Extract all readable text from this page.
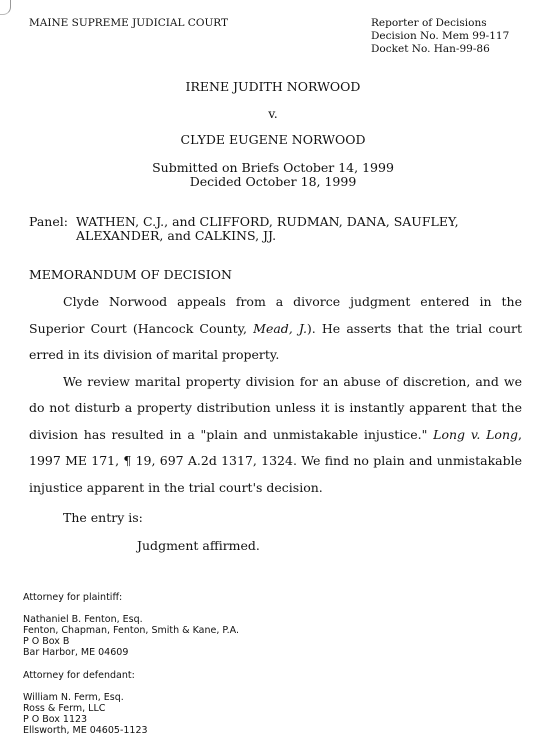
MAINE SUPREME JUDICIAL COURT	Reporter of Decisions
Decision No. Mem 99-117
Docket No. Han-99-86
IRENE JUDITH NORWOOD
v.
CLYDE EUGENE NORWOOD
Submitted on Briefs October 14, 1999
Decided October 18, 1999
Panel: WATHEN, C.J., and CLIFFORD, RUDMAN, DANA, SAUFLEY,
ALEXANDER, and CALKINS, JJ.
MEMORANDUM OF DECISION

Clyde Norwood appeals from a divorce judgment entered in the Superior Court (Hancock County, Mead, J.). He asserts that the trial court erred in its division of marital property.

We review marital property division for an abuse of discretion, and we do not disturb a property distribution unless it is instantly apparent that the division has resulted in a "plain and unmistakable injustice." Long v. Long, 1997 ME 171, ¶ 19, 697 A.2d 1317, 1324. We find no plain and unmistakable injustice apparent in the trial court's decision.

The entry is:
Judgment affirmed.
Attorney for plaintiff:
Nathaniel B. Fenton, Esq.
Fenton, Chapman, Fenton, Smith & Kane, P.A.
P O Box B
Bar Harbor, ME 04609
Attorney for defendant:
William N. Ferm, Esq.
Ross & Ferm, LLC
P O Box 1123
Ellsworth, ME 04605-1123
